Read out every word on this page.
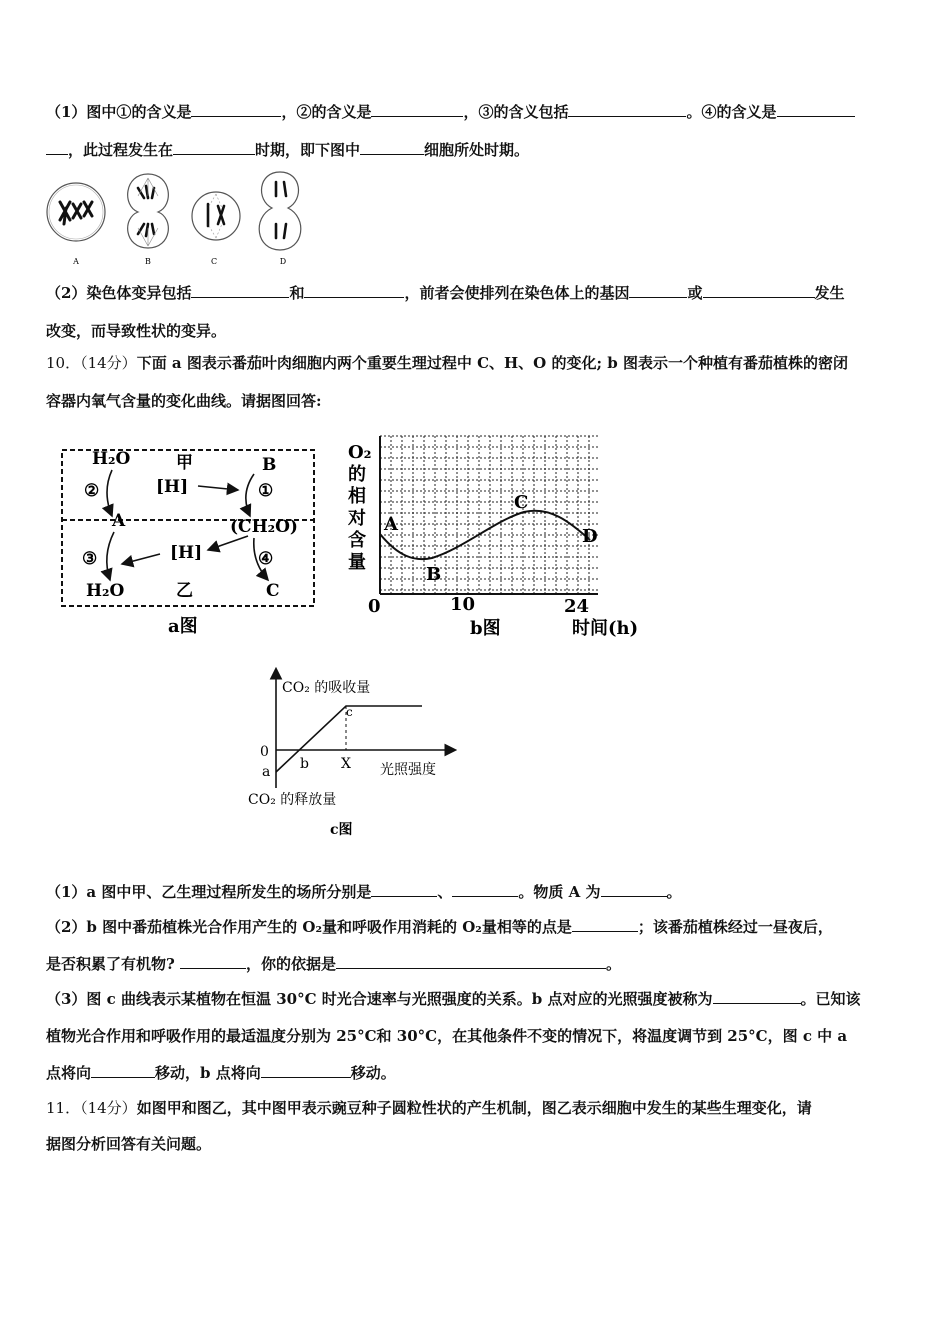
（1）图中①的含义是	，②的含义是	，③的含义包括	。④的含义是
，此过程发生在	时期，即下图中	细胞所处时期。
A	B	C	D
（2）染色体变异包括	和	，前者会使排列在染色体上的基因	或	发生
改变，而导致性状的变异。
10．（14分）下面 a 图表示番茄叶肉细胞内两个重要生理过程中 C、H、O 的变化; b 图表示一个种植有番茄植株的密闭
容器内氧气含量的变化曲线。请据图回答:
H₂O	甲	B
②	[H]	①
A	(CH₂O)
③	[H]	④
H₂O	乙	C
a图
O₂
的
相
对
含
量
A
B
C
D
0	10	24
b图	时间(h)
CO₂ 的吸收量
0
a b
c
X 光照强度
CO₂ 的释放量
c图
（1）a 图中甲、乙生理过程所发生的场所分别是	、	。物质 A 为	。
（2）b 图中番茄植株光合作用产生的 O₂量和呼吸作用消耗的 O₂量相等的点是	；该番茄植株经过一昼夜后，
是否积累了有机物?	，你的依据是	。
（3）图 c 曲线表示某植物在恒温 30°C 时光合速率与光照强度的关系。b 点对应的光照强度被称为	。已知该
植物光合作用和呼吸作用的最适温度分别为 25°C和 30°C，在其他条件不变的情况下，将温度调节到 25°C，图 c 中 a
点将向	移动，b 点将向	移动。
11．（14分）如图甲和图乙，其中图甲表示豌豆种子圆粒性状的产生机制，图乙表示细胞中发生的某些生理变化，请
据图分析回答有关问题。
